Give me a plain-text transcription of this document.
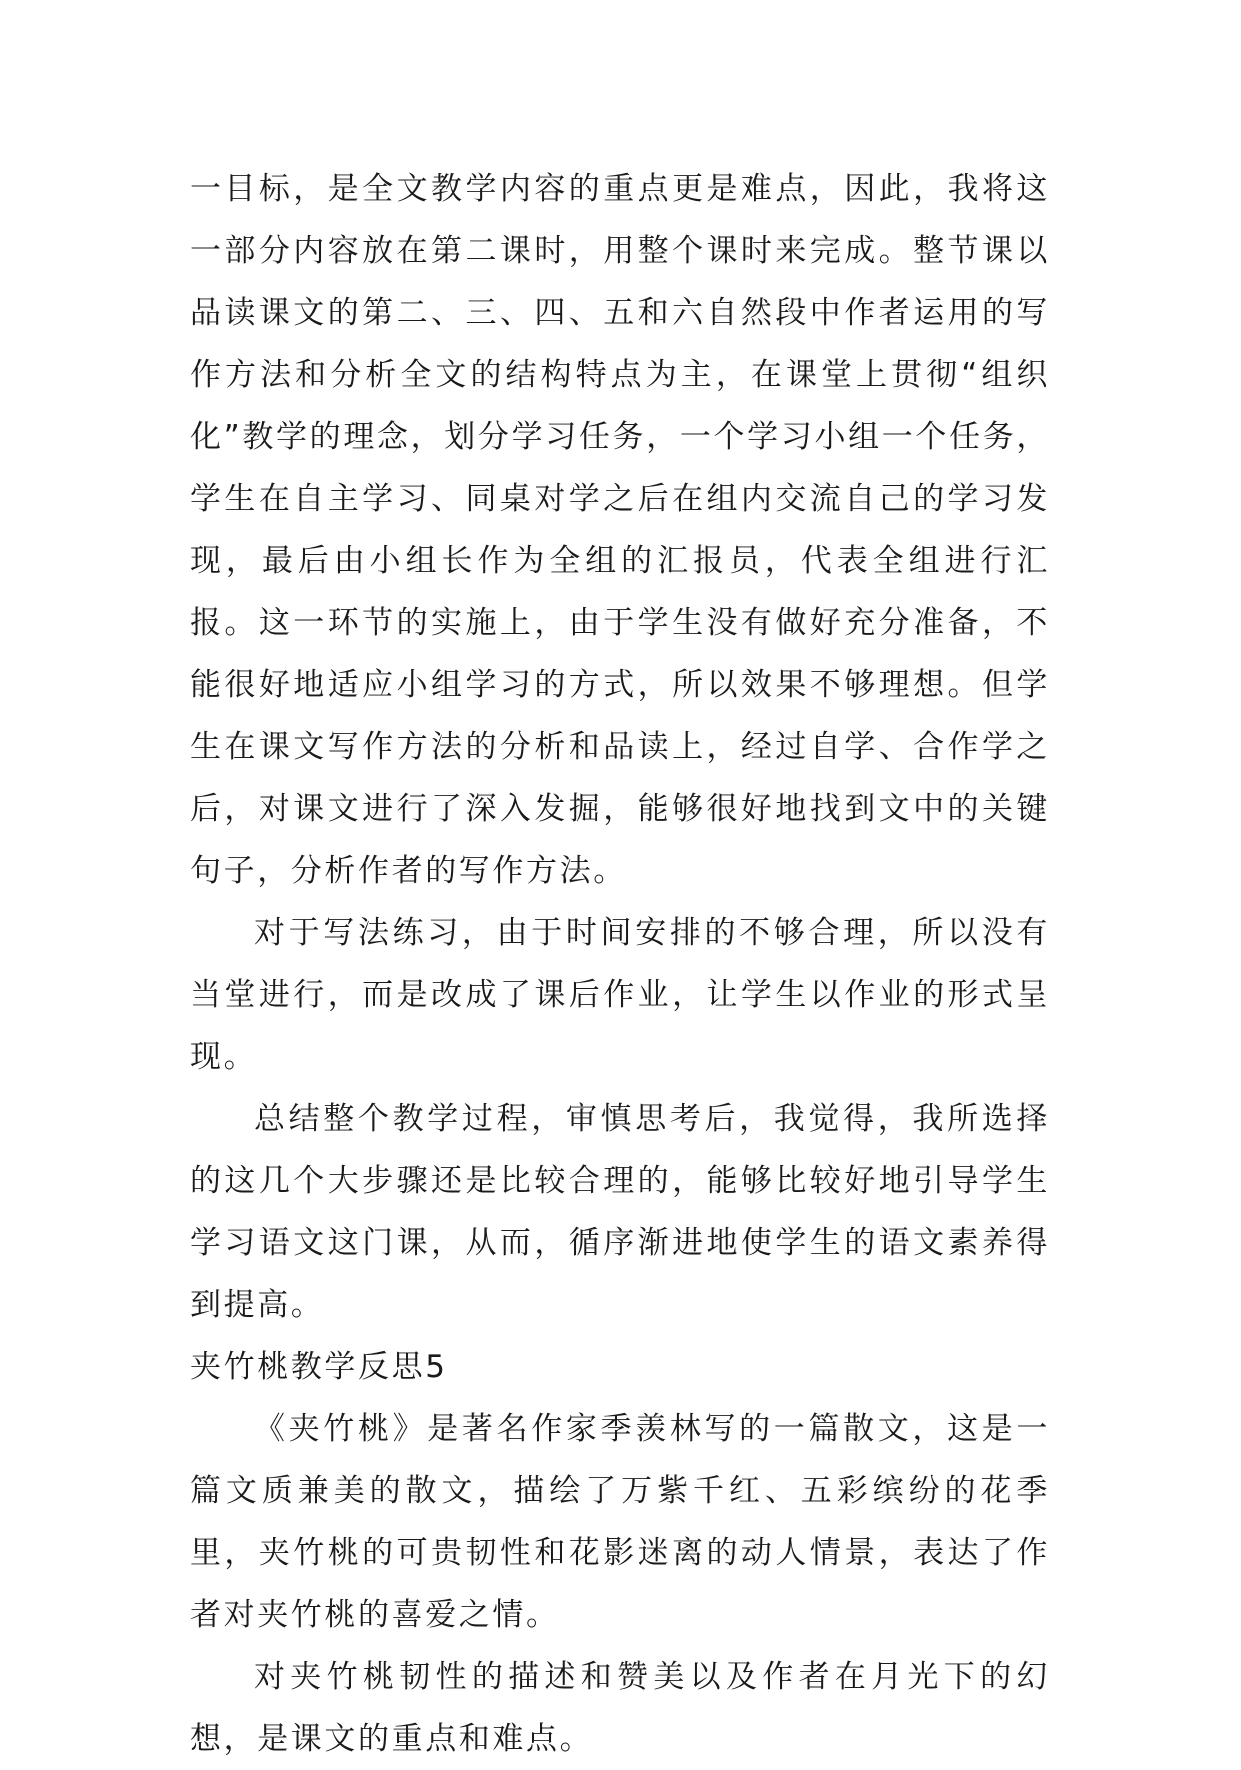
一目标，是全文教学内容的重点更是难点，因此，我将这一部分内容放在第二课时，用整个课时来完成。整节课以品读课文的第二、三、四、五和六自然段中作者运用的写作方法和分析全文的结构特点为主，在课堂上贯彻“组织化”教学的理念，划分学习任务，一个学习小组一个任务，学生在自主学习、同桌对学之后在组内交流自己的学习发现，最后由小组长作为全组的汇报员，代表全组进行汇报。这一环节的实施上，由于学生没有做好充分准备，不能很好地适应小组学习的方式，所以效果不够理想。但学生在课文写作方法的分析和品读上，经过自学、合作学之后，对课文进行了深入发掘，能够很好地找到文中的关键句子，分析作者的写作方法。

对于写法练习，由于时间安排的不够合理，所以没有当堂进行，而是改成了课后作业，让学生以作业的形式呈现。

总结整个教学过程，审慎思考后，我觉得，我所选择的这几个大步骤还是比较合理的，能够比较好地引导学生学习语文这门课，从而，循序渐进地使学生的语文素养得到提高。

夹竹桃教学反思5

《夹竹桃》是著名作家季羡林写的一篇散文，这是一篇文质兼美的散文，描绘了万紫千红、五彩缤纷的花季里，夹竹桃的可贵韧性和花影迷离的动人情景，表达了作者对夹竹桃的喜爱之情。

对夹竹桃韧性的描述和赞美以及作者在月光下的幻想，是课文的重点和难点。
